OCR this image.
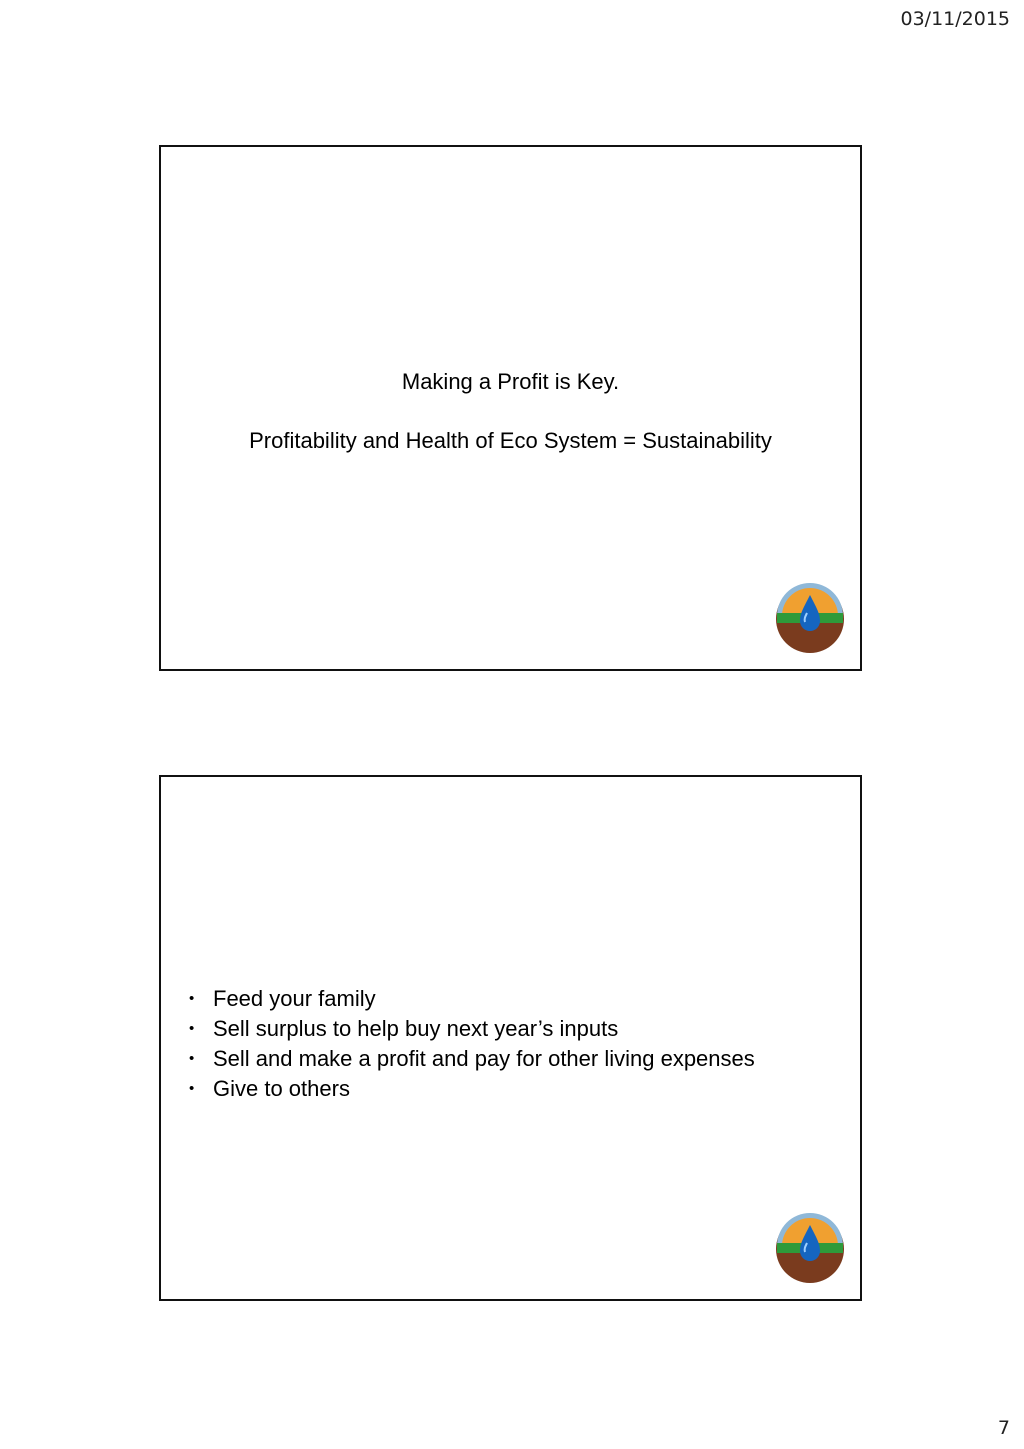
03/11/2015
Making a Profit is Key.
Profitability and Health of Eco System = Sustainability
• Feed your family
• Sell surplus to help buy next year’s inputs
• Sell and make a profit and pay for other living expenses
• Give to others
7
